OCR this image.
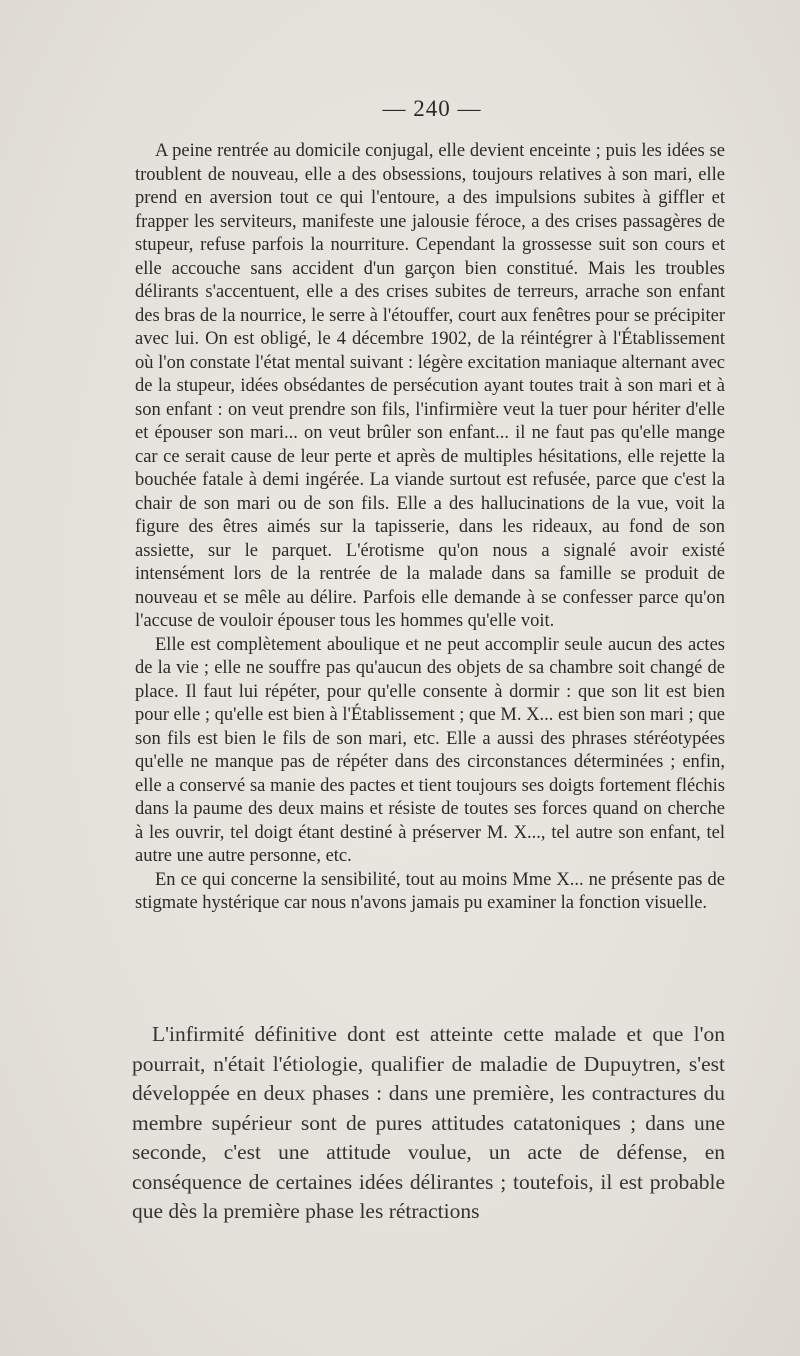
— 240 —

A peine rentrée au domicile conjugal, elle devient enceinte ; puis les idées se troublent de nouveau, elle a des obsessions, toujours relatives à son mari, elle prend en aversion tout ce qui l'entoure, a des impulsions subites à giffler et frapper les serviteurs, manifeste une jalousie féroce, a des crises passagères de stupeur, refuse parfois la nourriture. Cependant la grossesse suit son cours et elle accouche sans accident d'un garçon bien constitué. Mais les troubles délirants s'accentuent, elle a des crises subites de terreurs, arrache son enfant des bras de la nourrice, le serre à l'étouffer, court aux fenêtres pour se précipiter avec lui. On est obligé, le 4 décembre 1902, de la réintégrer à l'Établissement où l'on constate l'état mental suivant : légère excitation maniaque alternant avec de la stupeur, idées obsédantes de persécution ayant toutes trait à son mari et à son enfant : on veut prendre son fils, l'infirmière veut la tuer pour hériter d'elle et épouser son mari... on veut brûler son enfant... il ne faut pas qu'elle mange car ce serait cause de leur perte et après de multiples hésitations, elle rejette la bouchée fatale à demi ingérée. La viande surtout est refusée, parce que c'est la chair de son mari ou de son fils. Elle a des hallucinations de la vue, voit la figure des êtres aimés sur la tapisserie, dans les rideaux, au fond de son assiette, sur le parquet. L'érotisme qu'on nous a signalé avoir existé intensément lors de la rentrée de la malade dans sa famille se produit de nouveau et se mêle au délire. Parfois elle demande à se confesser parce qu'on l'accuse de vouloir épouser tous les hommes qu'elle voit.

Elle est complètement aboulique et ne peut accomplir seule aucun des actes de la vie ; elle ne souffre pas qu'aucun des objets de sa chambre soit changé de place. Il faut lui répéter, pour qu'elle consente à dormir : que son lit est bien pour elle ; qu'elle est bien à l'Établissement ; que M. X... est bien son mari ; que son fils est bien le fils de son mari, etc. Elle a aussi des phrases stéréotypées qu'elle ne manque pas de répéter dans des circonstances déterminées ; enfin, elle a conservé sa manie des pactes et tient toujours ses doigts fortement fléchis dans la paume des deux mains et résiste de toutes ses forces quand on cherche à les ouvrir, tel doigt étant destiné à préserver M. X..., tel autre son enfant, tel autre une autre personne, etc.

En ce qui concerne la sensibilité, tout au moins Mme X... ne présente pas de stigmate hystérique car nous n'avons jamais pu examiner la fonction visuelle.

L'infirmité définitive dont est atteinte cette malade et que l'on pourrait, n'était l'étiologie, qualifier de maladie de Dupuytren, s'est développée en deux phases : dans une première, les contractures du membre supérieur sont de pures attitudes catatoniques ; dans une seconde, c'est une attitude voulue, un acte de défense, en conséquence de certaines idées délirantes ; toutefois, il est probable que dès la première phase les rétractions
